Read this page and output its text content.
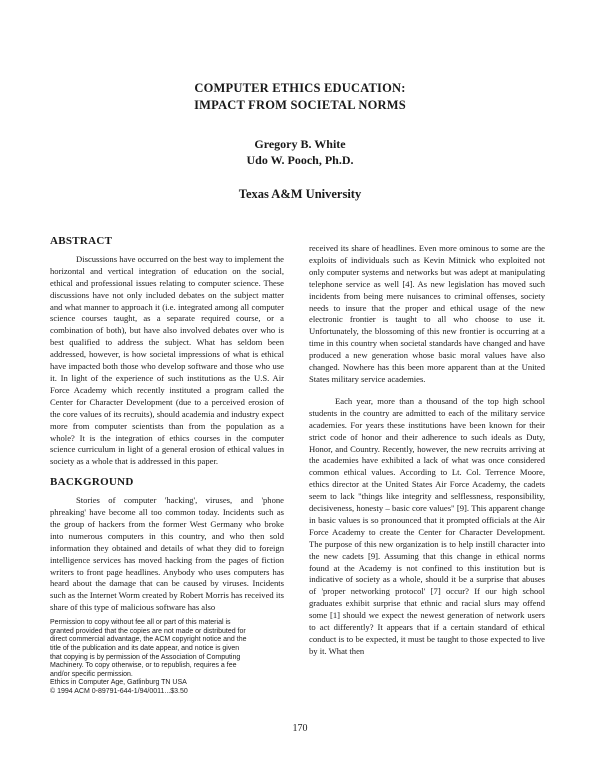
COMPUTER ETHICS EDUCATION:
IMPACT FROM SOCIETAL NORMS
Gregory B. White
Udo W. Pooch, Ph.D.
Texas A&M University
ABSTRACT

Discussions have occurred on the best way to implement the horizontal and vertical integration of education on the social, ethical and professional issues relating to computer science. These discussions have not only included debates on the subject matter and what manner to approach it (i.e. integrated among all computer science courses taught, as a separate required course, or a combination of both), but have also involved debates over who is best qualified to address the subject. What has seldom been addressed, however, is how societal impressions of what is ethical have impacted both those who develop software and those who use it. In light of the experience of such institutions as the U.S. Air Force Academy which recently instituted a program called the Center for Character Development (due to a perceived erosion of the core values of its recruits), should academia and industry expect more from computer scientists than from the population as a whole? It is the integration of ethics courses in the computer science curriculum in light of a general erosion of ethical values in society as a whole that is addressed in this paper.

BACKGROUND

Stories of computer 'hacking', viruses, and 'phone phreaking' have become all too common today. Incidents such as the group of hackers from the former West Germany who broke into numerous computers in this country, and who then sold information they obtained and details of what they did to foreign intelligence services has moved hacking from the pages of fiction writers to front page headlines. Anybody who uses computers has heard about the damage that can be caused by viruses. Incidents such as the Internet Worm created by Robert Morris has received its share of this type of malicious software has also

Permission to copy without fee all or part of this material is
granted provided that the copies are not made or distributed for
direct commercial advantage, the ACM copyright notice and the
title of the publication and its date appear, and notice is given
that copying is by permission of the Association of Computing
Machinery. To copy otherwise, or to republish, requires a fee
and/or specific permission.
Ethics in Computer Age, Gatlinburg TN USA
© 1994 ACM 0-89791-644-1/94/0011...$3.50

received its share of headlines. Even more ominous to some are the exploits of individuals such as Kevin Mitnick who exploited not only computer systems and networks but was adept at manipulating telephone service as well [4]. As new legislation has moved such incidents from being mere nuisances to criminal offenses, society needs to insure that the proper and ethical usage of the new electronic frontier is taught to all who choose to use it. Unfortunately, the blossoming of this new frontier is occurring at a time in this country when societal standards have changed and have produced a new generation whose basic moral values have also changed. Nowhere has this been more apparent than at the United States military service academies.

Each year, more than a thousand of the top high school students in the country are admitted to each of the military service academies. For years these institutions have been known for their strict code of honor and their adherence to such ideals as Duty, Honor, and Country. Recently, however, the new recruits arriving at the academies have exhibited a lack of what was once considered common ethical values. According to Lt. Col. Terrence Moore, ethics director at the United States Air Force Academy, the cadets seem to lack "things like integrity and selflessness, responsibility, decisiveness, honesty – basic core values" [9]. This apparent change in basic values is so pronounced that it prompted officials at the Air Force Academy to create the Center for Character Development. The purpose of this new organization is to help instill character into the new cadets [9]. Assuming that this change in ethical norms found at the Academy is not confined to this institution but is indicative of society as a whole, should it be a surprise that abuses of 'proper networking protocol' [7] occur? If our high school graduates exhibit surprise that ethnic and racial slurs may offend some [1] should we expect the newest generation of network users to act differently? It appears that if a certain standard of ethical conduct is to be expected, it must be taught to those expected to live by it. What then

170
